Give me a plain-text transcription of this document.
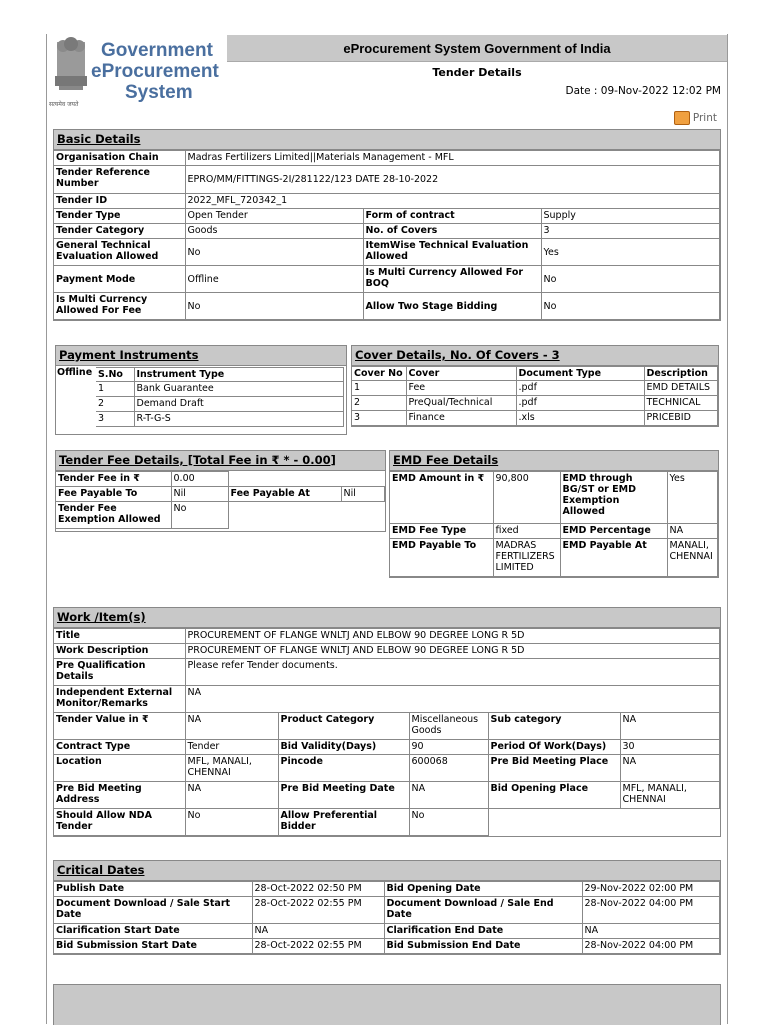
सत्यमेव जयते
Government
eProcurement
System
eProcurement System Government of India
Tender Details
Date : 09-Nov-2022 12:02 PM
Print
Basic Details
Organisation Chain	Madras Fertilizers Limited||Materials Management - MFL		
Tender Reference Number	EPRO/MM/FITTINGS-2I/281122/123 DATE 28-10-2022		
Tender ID	2022_MFL_720342_1		
Tender Type	Open Tender	Form of contract	Supply
Tender Category	Goods	No. of Covers	3
General Technical Evaluation Allowed	No	ItemWise Technical Evaluation Allowed	Yes
Payment Mode	Offline	Is Multi Currency Allowed For BOQ	No
Is Multi Currency Allowed For Fee	No	Allow Two Stage Bidding	No
Payment Instruments
Offline S.No	Instrument Type
1	Bank Guarantee
2	Demand Draft
3	R-T-G-S
Cover Details, No. Of Covers - 3
Cover No	Cover	Document Type	Description
1	Fee	.pdf	EMD DETAILS
2	PreQual/Technical	.pdf	TECHNICAL
3	Finance	.xls	PRICEBID
Tender Fee Details, [Total Fee in ₹ * - 0.00]
Tender Fee in ₹	0.00		
Fee Payable To	Nil	Fee Payable At	Nil
Tender Fee Exemption Allowed	No		
EMD Fee Details
EMD Amount in ₹	90,800	EMD through BG/ST or EMD Exemption Allowed	Yes
EMD Fee Type	fixed	EMD Percentage	NA
EMD Payable To	MADRAS FERTILIZERS LIMITED	EMD Payable At	MANALI, CHENNAI
Work /Item(s)
Title	PROCUREMENT OF FLANGE WNLTJ AND ELBOW 90 DEGREE LONG R 5D				
Work Description	PROCUREMENT OF FLANGE WNLTJ AND ELBOW 90 DEGREE LONG R 5D				
Pre Qualification Details	Please refer Tender documents.				
Independent External Monitor/Remarks	NA				
Tender Value in ₹	NA	Product Category	Miscellaneous Goods	Sub category	NA
Contract Type	Tender	Bid Validity(Days)	90	Period Of Work(Days)	30
Location	MFL, MANALI, CHENNAI	Pincode	600068	Pre Bid Meeting Place	NA
Pre Bid Meeting Address	NA	Pre Bid Meeting Date	NA	Bid Opening Place	MFL, MANALI, CHENNAI
Should Allow NDA Tender	No	Allow Preferential Bidder	No		
Critical Dates
Publish Date	28-Oct-2022 02:50 PM	Bid Opening Date	29-Nov-2022 02:00 PM
Document Download / Sale Start Date	28-Oct-2022 02:55 PM	Document Download / Sale End Date	28-Nov-2022 04:00 PM
Clarification Start Date	NA	Clarification End Date	NA
Bid Submission Start Date	28-Oct-2022 02:55 PM	Bid Submission End Date	28-Nov-2022 04:00 PM
